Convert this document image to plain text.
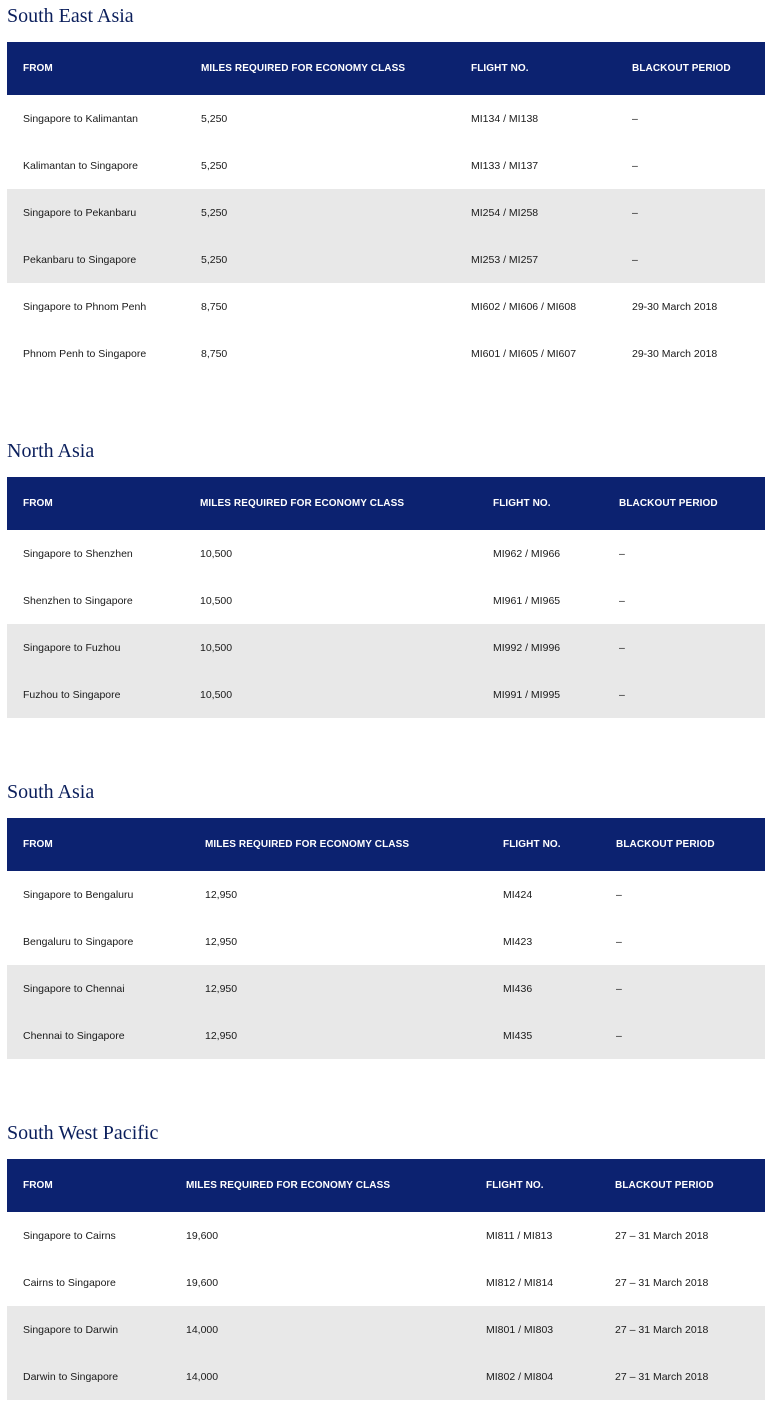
South East Asia
FROM	MILES REQUIRED FOR ECONOMY CLASS	FLIGHT NO.	BLACKOUT PERIOD
Singapore to Kalimantan	5,250	MI134 / MI138	–
Kalimantan to Singapore	5,250	MI133 / MI137	–
Singapore to Pekanbaru	5,250	MI254 / MI258	–
Pekanbaru to Singapore	5,250	MI253 / MI257	–
Singapore to Phnom Penh	8,750	MI602 / MI606 / MI608	29-30 March 2018
Phnom Penh to Singapore	8,750	MI601 / MI605 / MI607	29-30 March 2018
North Asia
FROM	MILES REQUIRED FOR ECONOMY CLASS	FLIGHT NO.	BLACKOUT PERIOD
Singapore to Shenzhen	10,500	MI962 / MI966	–
Shenzhen to Singapore	10,500	MI961 / MI965	–
Singapore to Fuzhou	10,500	MI992 / MI996	–
Fuzhou to Singapore	10,500	MI991 / MI995	–
South Asia
FROM	MILES REQUIRED FOR ECONOMY CLASS	FLIGHT NO.	BLACKOUT PERIOD
Singapore to Bengaluru	12,950	MI424	–
Bengaluru to Singapore	12,950	MI423	–
Singapore to Chennai	12,950	MI436	–
Chennai to Singapore	12,950	MI435	–
South West Pacific
FROM	MILES REQUIRED FOR ECONOMY CLASS	FLIGHT NO.	BLACKOUT PERIOD
Singapore to Cairns	19,600	MI811 / MI813	27 – 31 March 2018
Cairns to Singapore	19,600	MI812 / MI814	27 – 31 March 2018
Singapore to Darwin	14,000	MI801 / MI803	27 – 31 March 2018
Darwin to Singapore	14,000	MI802 / MI804	27 – 31 March 2018
